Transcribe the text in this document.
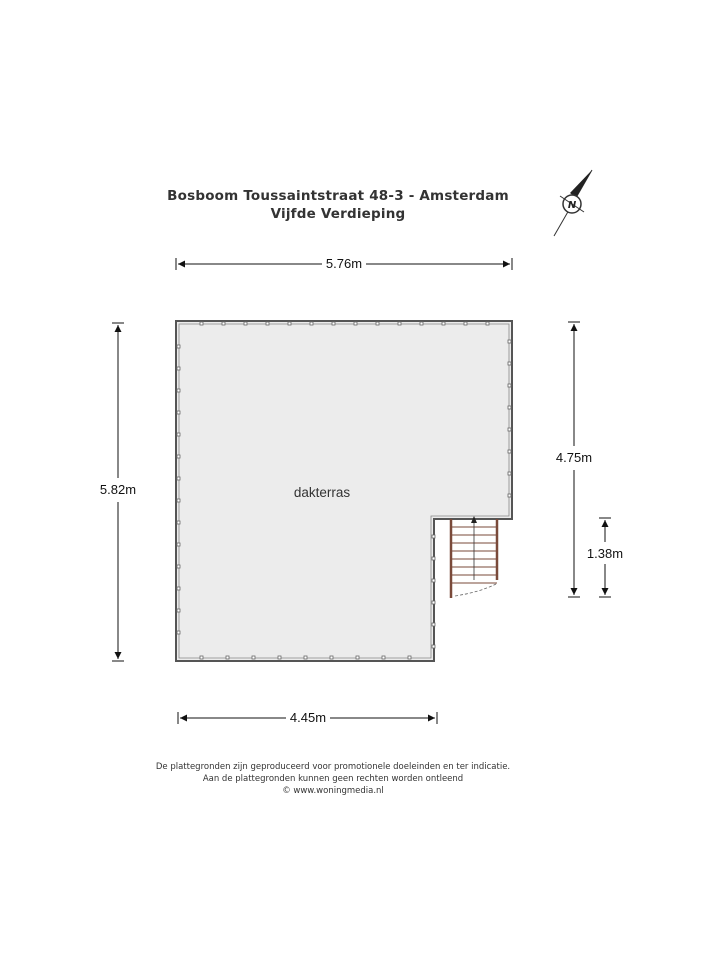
Bosboom Toussaintstraat 48-3 - Amsterdam
Vijfde Verdieping
N
5.76m
5.82m
4.75m
1.38m
4.45m
dakterras
De plattegronden zijn geproduceerd voor promotionele doeleinden en ter indicatie.
Aan de plattegronden kunnen geen rechten worden ontleend
© www.woningmedia.nl
